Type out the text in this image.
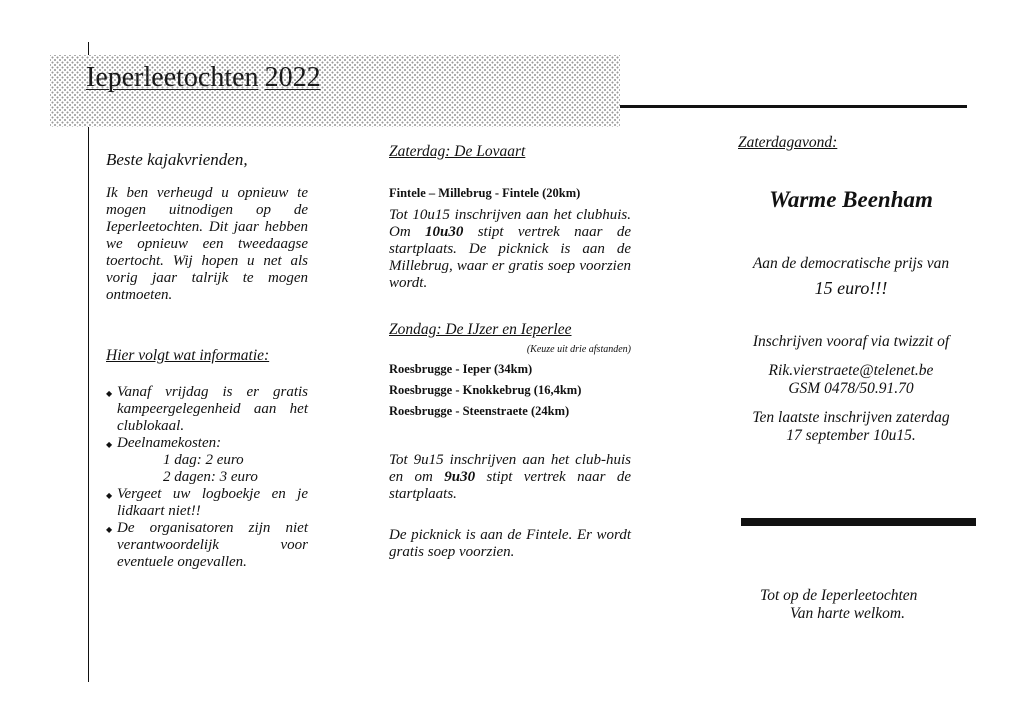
Ieperleetochten 2022
Beste kajakvrienden,
Ik ben verheugd u opnieuw te mogen uitnodigen op de Ieperleetochten. Dit jaar hebben we opnieuw een tweedaagse toertocht. Wij hopen u net als vorig jaar talrijk te mogen ontmoeten.
Hier volgt wat informatie:
◆ Vanaf vrijdag is er gratis kampeergelegenheid aan het clublokaal.
◆ Deelnamekosten:
1 dag: 2 euro
2 dagen: 3 euro
◆ Vergeet uw logboekje en je lidkaart niet!!
◆ De organisatoren zijn niet verantwoordelijk voor eventuele ongevallen.
Zaterdag: De Lovaart
Fintele – Millebrug - Fintele (20km)
Tot 10u15 inschrijven aan het clubhuis. Om 10u30 stipt vertrek naar de startplaats. De picknick is aan de Millebrug, waar er gratis soep voorzien wordt.
Zondag: De IJzer en Ieperlee
(Keuze uit drie afstanden)
Roesbrugge - Ieper (34km)
Roesbrugge - Knokkebrug (16,4km)
Roesbrugge - Steenstraete (24km)
Tot 9u15 inschrijven aan het club-huis en om 9u30 stipt vertrek naar de startplaats.
De picknick is aan de Fintele. Er wordt gratis soep voorzien.
Zaterdagavond:
Warme Beenham
Aan de democratische prijs van
15 euro!!!
Inschrijven vooraf via twizzit of
Rik.vierstraete@telenet.be
GSM 0478/50.91.70
Ten laatste inschrijven zaterdag
17 september 10u15.
Tot op de Ieperleetochten
Van harte welkom.
